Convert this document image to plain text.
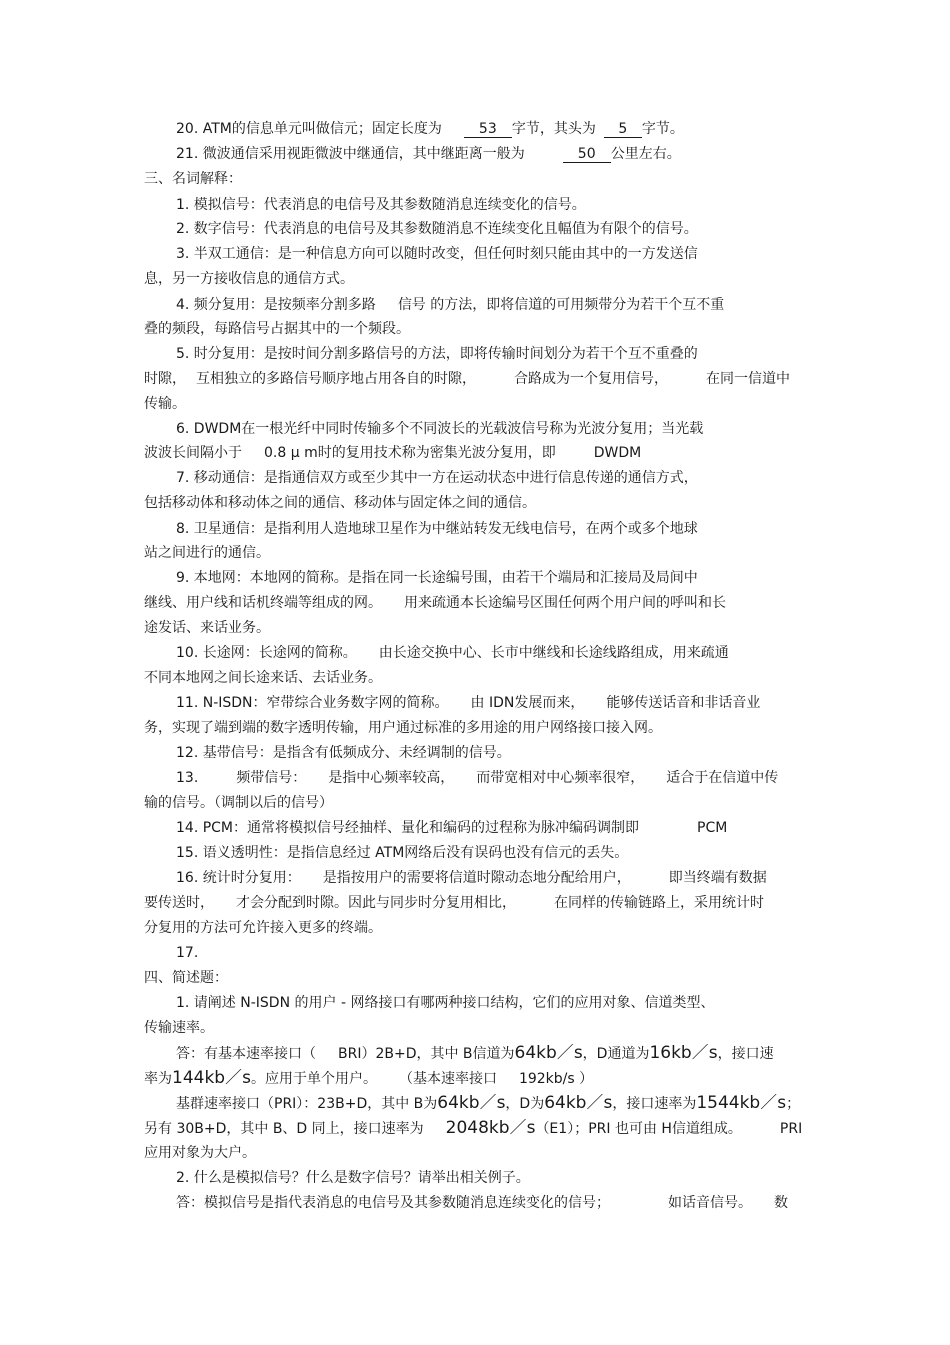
20. ATM的信息单元叫做信元；固定长度为	53 字节，其头为 5 字节。
21. 微波通信采用视距微波中继通信，其中继距离一般为	50 公里左右。
三、名词解释：
1. 模拟信号：代表消息的电信号及其参数随消息连续变化的信号。
2. 数字信号：代表消息的电信号及其参数随消息不连续变化且幅值为有限个的信号。
3. 半双工通信：是一种信息方向可以随时改变，但任何时刻只能由其中的一方发送信
息，另一方接收信息的通信方式。
4. 频分复用：是按频率分割多路 信号 的方法，即将信道的可用频带分为若干个互不重
叠的频段，每路信号占据其中的一个频段。
5. 时分复用：是按时间分割多路信号的方法，即将传输时间划分为若干个互不重叠的
时隙， 互相独立的多路信号顺序地占用各自的时隙，	合路成为一个复用信号，	在同一信道中
传输。
6. DWDM在一根光纤中同时传输多个不同波长的光载波信号称为光波分复用；当光载
波波长间隔小于 0.8 μ m时的复用技术称为密集光波分复用，即	DWDM
7. 移动通信：是指通信双方或至少其中一方在运动状态中进行信息传递的通信方式，
包括移动体和移动体之间的通信、移动体与固定体之间的通信。
8. 卫星通信：是指利用人造地球卫星作为中继站转发无线电信号，在两个或多个地球
站之间进行的通信。
9. 本地网：本地网的简称。是指在同一长途编号围，由若干个端局和汇接局及局间中
继线、用户线和话机终端等组成的网。 用来疏通本长途编号区围任何两个用户间的呼叫和长
途发话、来话业务。
10. 长途网：长途网的简称。 由长途交换中心、长市中继线和长途线路组成，用来疏通
不同本地网之间长途来话、去话业务。
11. N-ISDN：窄带综合业务数字网的简称。 由 IDN发展而来， 能够传送话音和非话音业
务，实现了端到端的数字透明传输，用户通过标准的多用途的用户网络接口接入网。
12. 基带信号：是指含有低频成分、未经调制的信号。
13.	频带信号： 是指中心频率较高， 而带宽相对中心频率很窄， 适合于在信道中传
输的信号。（调制以后的信号）
14. PCM：通常将模拟信号经抽样、量化和编码的过程称为脉冲编码调制即	PCM
15. 语义透明性：是指信息经过 ATM网络后没有误码也没有信元的丢失。
16. 统计时分复用： 是指按用户的需要将信道时隙动态地分配给用户，	即当终端有数据
要传送时， 才会分配到时隙。因此与同步时分复用相比，	在同样的传输链路上，采用统计时
分复用的方法可允许接入更多的终端。
17.
四、简述题：
1. 请阐述 N-ISDN 的用户 - 网络接口有哪两种接口结构，它们的应用对象、信道类型、
传输速率。
答：有基本速率接口（ BRI）2B+D，其中 B信道为64kb／s，D通道为16kb／s，接口速
率为144kb／s。应用于单个用户。 （基本速率接口 192kb/s ）
基群速率接口（PRI）：23B+D，其中 B为64kb／s，D为64kb／s，接口速率为1544kb／s；
另有 30B+D，其中 B、D 同上，接口速率为 2048kb／s（E1）；PRI 也可由 H信道组成。	PRI
应用对象为大户。
2. 什么是模拟信号？什么是数字信号？请举出相关例子。
答：模拟信号是指代表消息的电信号及其参数随消息连续变化的信号；	如话音信号。 数
